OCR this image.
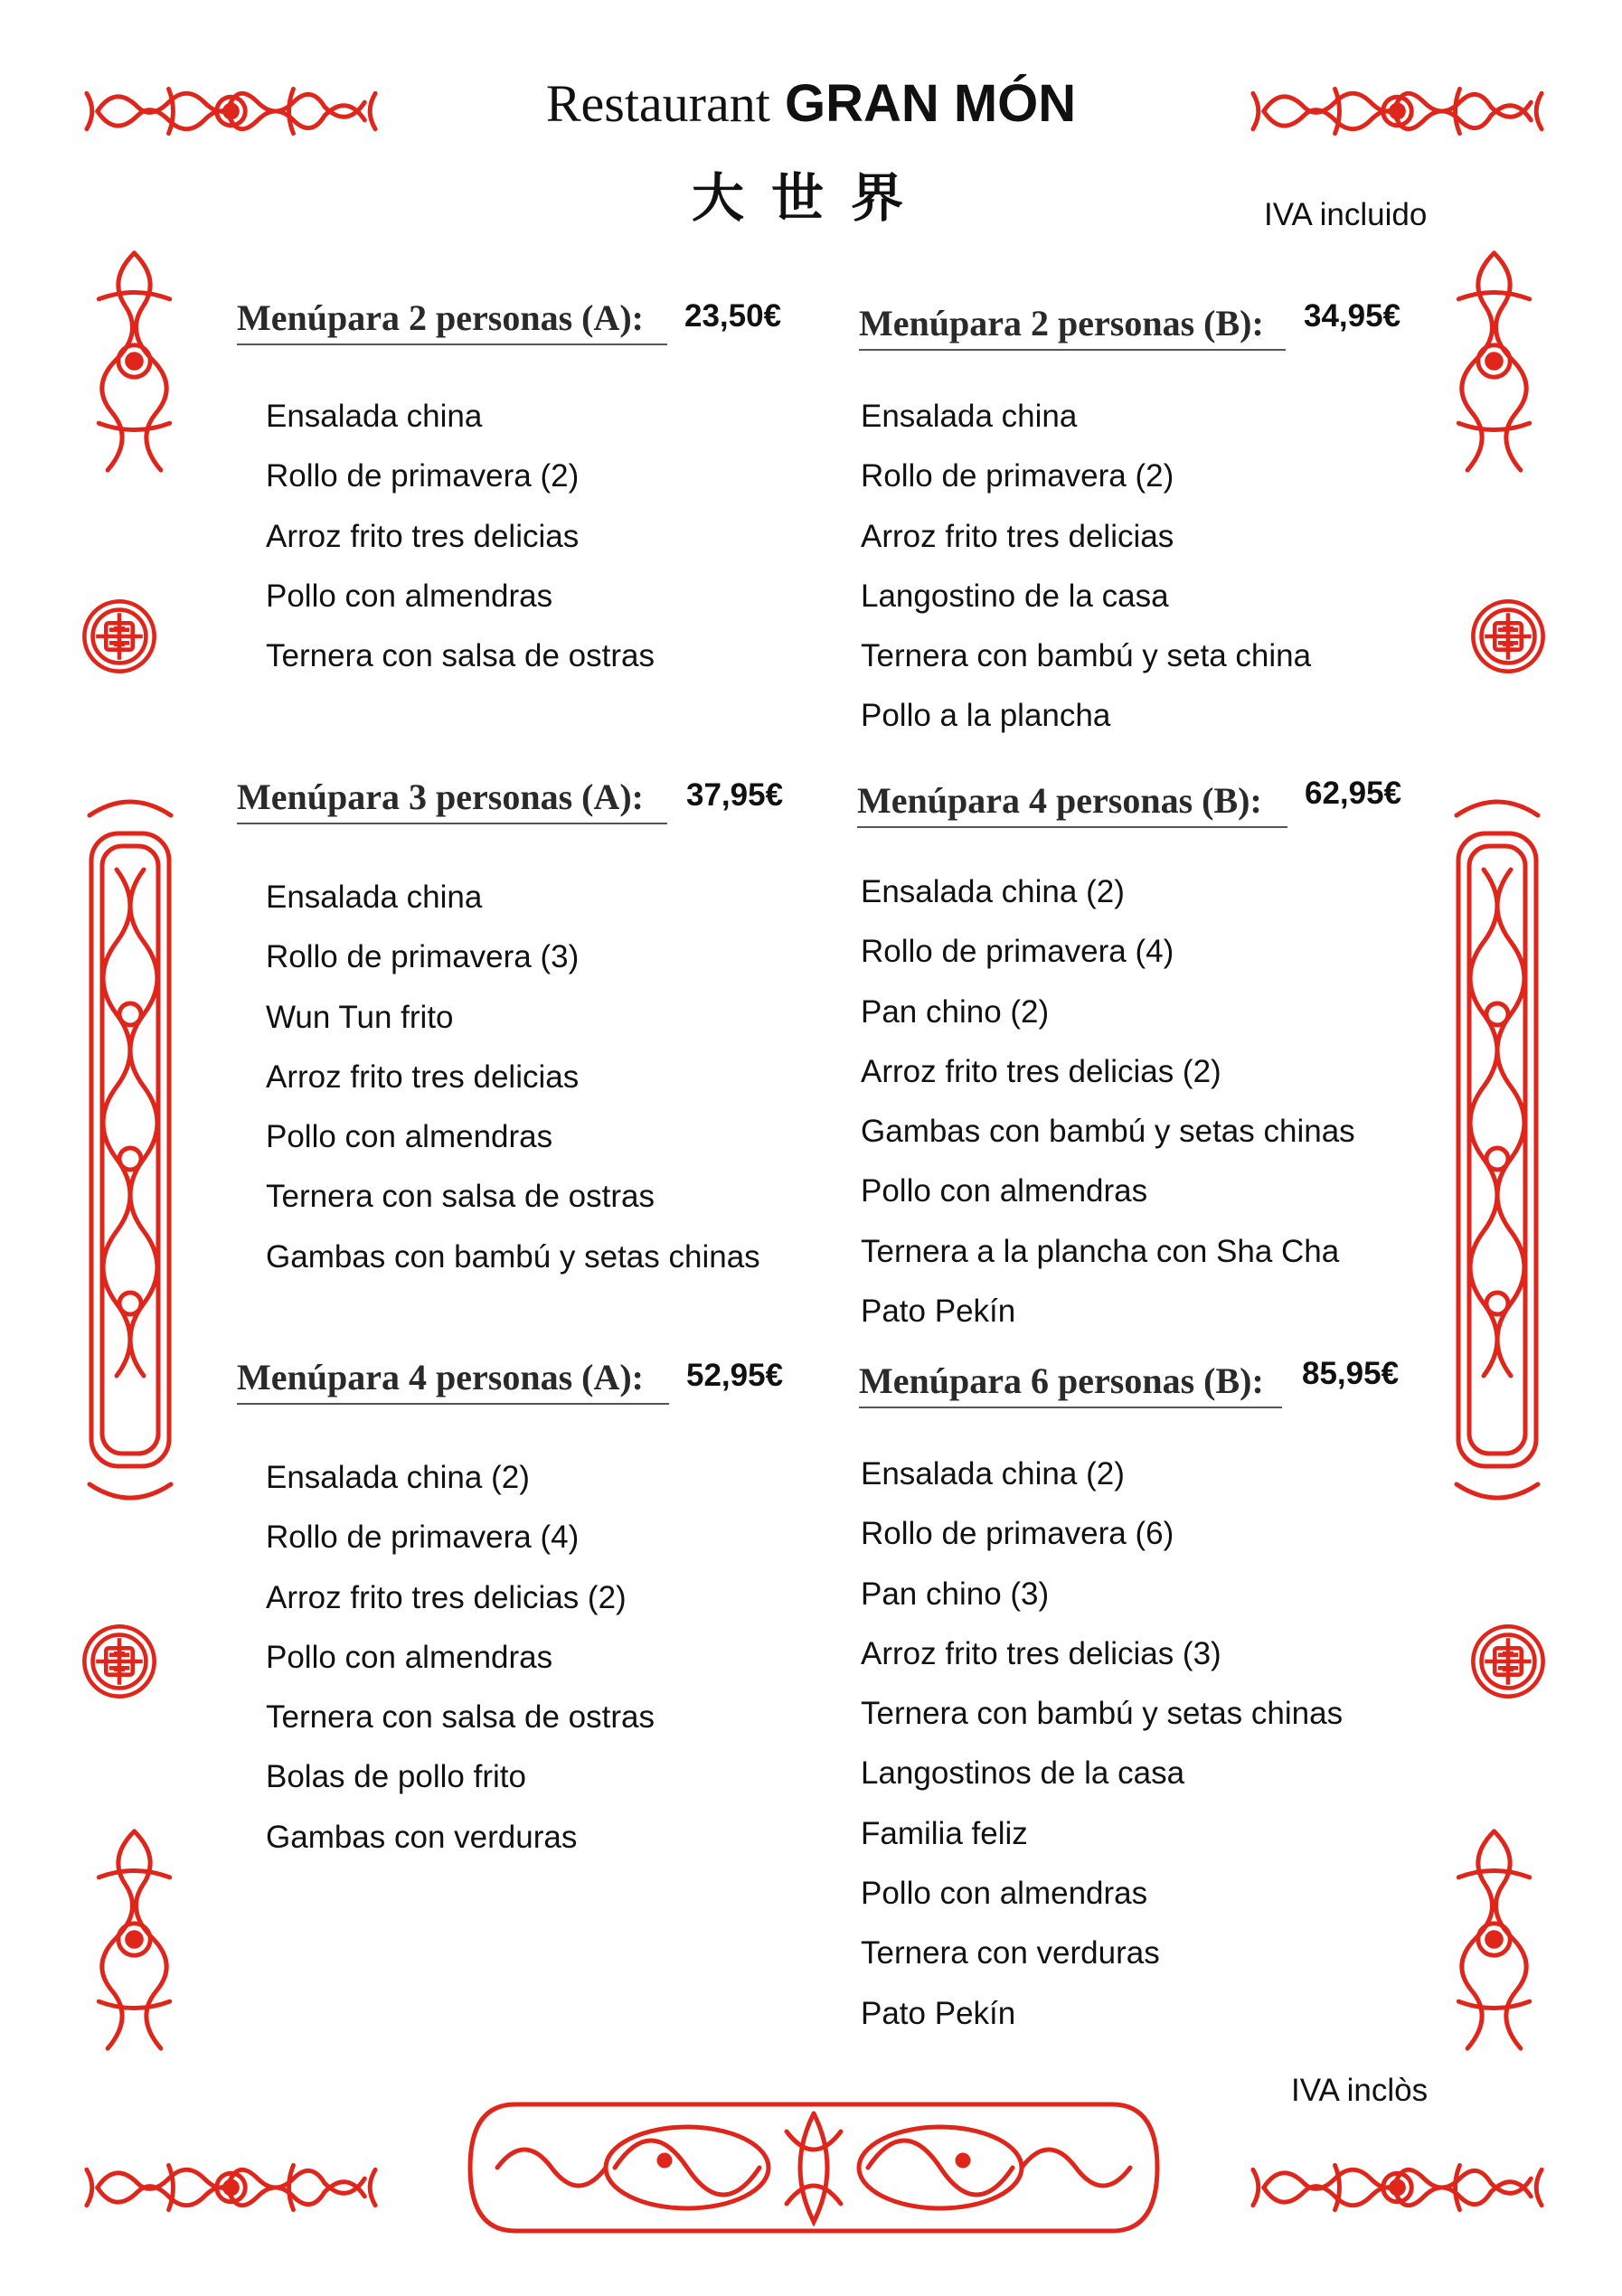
Restaurant GRAN MÓN
大世界	IVA incluido
IVA inclòs
Menúpara 2 personas (A): 23,50€
Ensalada china
Rollo de primavera (2)
Arroz frito tres delicias
Pollo con almendras
Ternera con salsa de ostras
Menúpara 2 personas (B): 34,95€
Ensalada china
Rollo de primavera (2)
Arroz frito tres delicias
Langostino de la casa
Ternera con bambú y seta china
Pollo a la plancha
Menúpara 3 personas (A): 37,95€
Ensalada china
Rollo de primavera (3)
Wun Tun frito
Arroz frito tres delicias
Pollo con almendras
Ternera con salsa de ostras
Gambas con bambú y setas chinas
Menúpara 4 personas (B): 62,95€
Ensalada china (2)
Rollo de primavera (4)
Pan chino (2)
Arroz frito tres delicias (2)
Gambas con bambú y setas chinas
Pollo con almendras
Ternera a la plancha con Sha Cha
Pato Pekín
Menúpara 4 personas (A): 52,95€
Ensalada china (2)
Rollo de primavera (4)
Arroz frito tres delicias (2)
Pollo con almendras
Ternera con salsa de ostras
Bolas de pollo frito
Gambas con verduras
Menúpara 6 personas (B): 85,95€
Ensalada china (2)
Rollo de primavera (6)
Pan chino (3)
Arroz frito tres delicias (3)
Ternera con bambú y setas chinas
Langostinos de la casa
Familia feliz
Pollo con almendras
Ternera con verduras
Pato Pekín
